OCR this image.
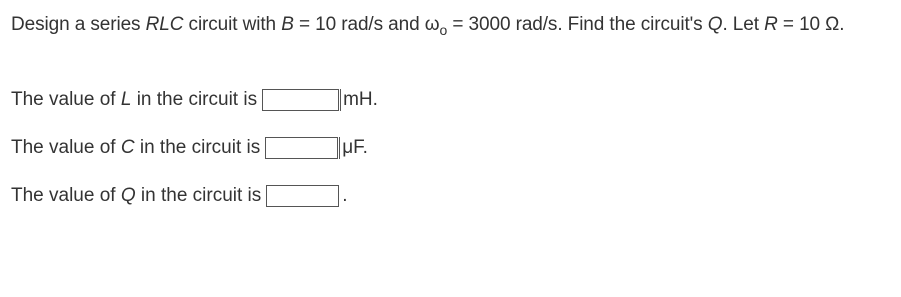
Design a series RLC circuit with B = 10 rad/s and $\omega_o = 3000$ rad/s. Find the circuit's Q. Let R = 10 Ω.
The value of L in the circuit is	mH.
The value of C in the circuit is	μF.
The value of Q in the circuit is	.
